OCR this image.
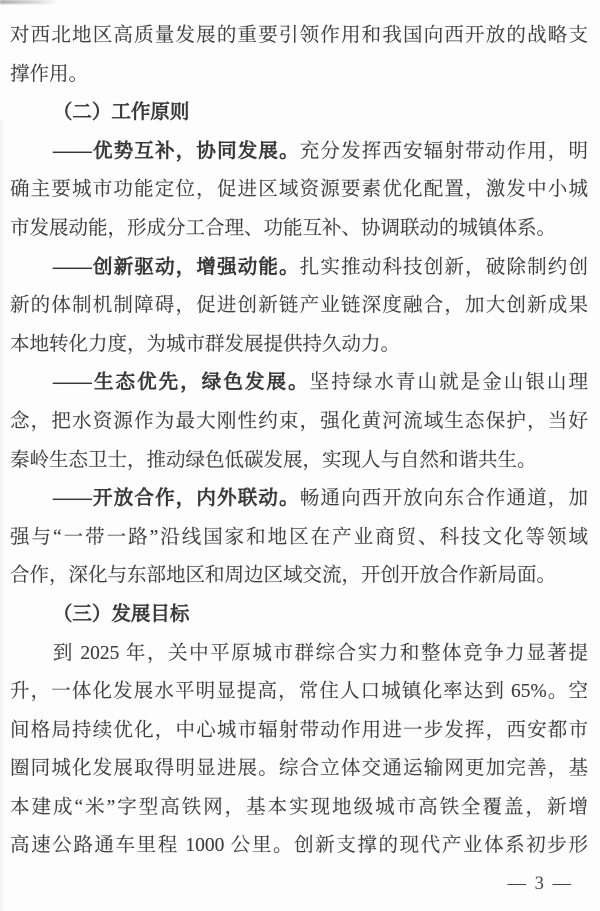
对西北地区高质量发展的重要引领作用和我国向西开放的战略支
撑作用。
（二）工作原则
——优势互补，协同发展。充分发挥西安辐射带动作用，明
确主要城市功能定位，促进区域资源要素优化配置，激发中小城
市发展动能，形成分工合理、功能互补、协调联动的城镇体系。
——创新驱动，增强动能。扎实推动科技创新，破除制约创
新的体制机制障碍，促进创新链产业链深度融合，加大创新成果
本地转化力度，为城市群发展提供持久动力。
——生态优先，绿色发展。坚持绿水青山就是金山银山理
念，把水资源作为最大刚性约束，强化黄河流域生态保护，当好
秦岭生态卫士，推动绿色低碳发展，实现人与自然和谐共生。
——开放合作，内外联动。畅通向西开放向东合作通道，加
强与“一带一路”沿线国家和地区在产业商贸、科技文化等领域
合作，深化与东部地区和周边区域交流，开创开放合作新局面。
（三）发展目标
到 2025 年，关中平原城市群综合实力和整体竞争力显著提
升，一体化发展水平明显提高，常住人口城镇化率达到 65%。空
间格局持续优化，中心城市辐射带动作用进一步发挥，西安都市
圈同城化发展取得明显进展。综合立体交通运输网更加完善，基
本建成“米”字型高铁网，基本实现地级城市高铁全覆盖，新增
高速公路通车里程 1000 公里。创新支撑的现代产业体系初步形
— 3 —
